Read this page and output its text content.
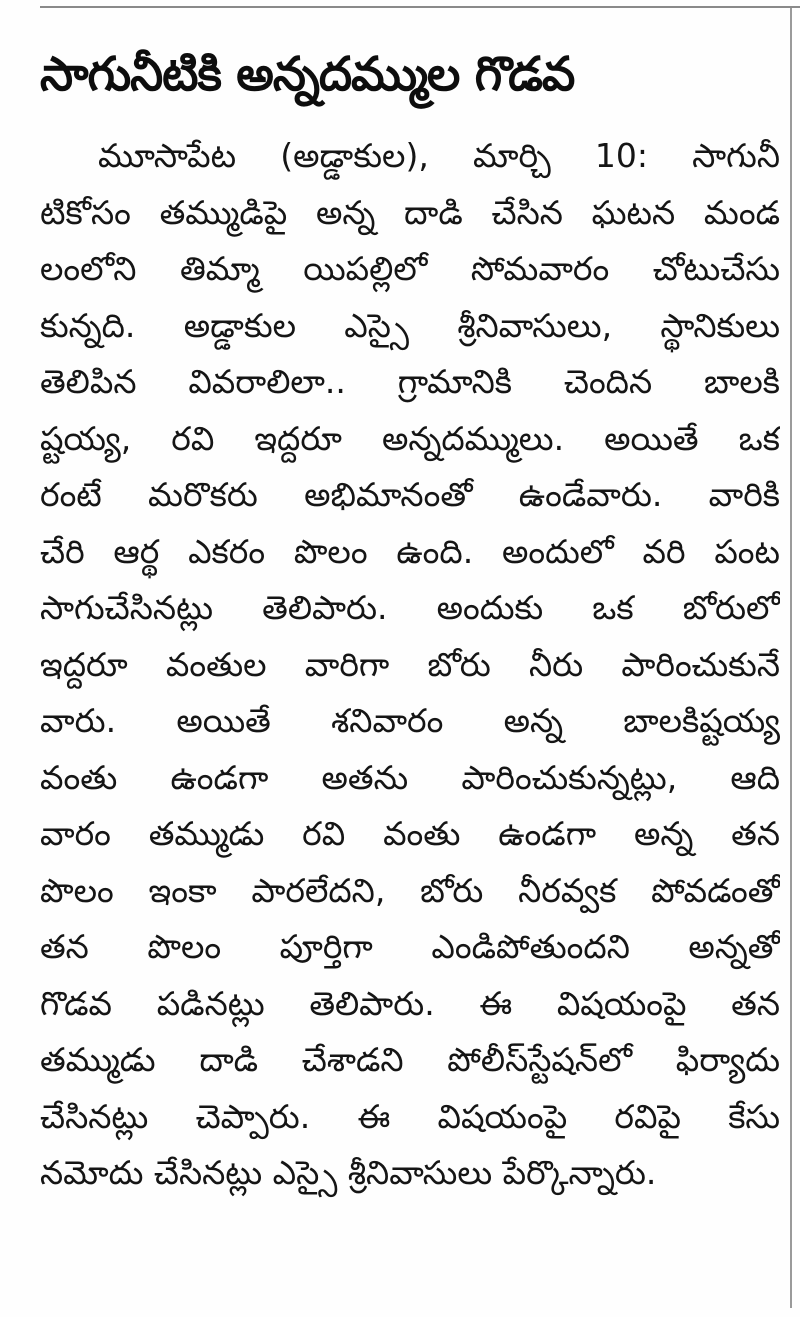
సాగునీటికి అన్నదమ్ముల గొడవ
మూసాపేట (అడ్డాకుల), మార్చి 10: సాగునీ
టికోసం తమ్ముడిపై అన్న దాడి చేసిన ఘటన మండ
లంలోని తిమ్మా యిపల్లిలో సోమవారం చోటుచేసు
కున్నది. అడ్డాకుల ఎస్సై శ్రీనివాసులు, స్థానికులు
తెలిపిన వివరాలిలా.. గ్రామానికి చెందిన బాలకి
ష్టయ్య, రవి ఇద్దరూ అన్నదమ్ములు. అయితే ఒక
రంటే మరొకరు అభిమానంతో ఉండేవారు. వారికి
చేరి ఆర్థ ఎకరం పొలం ఉంది. అందులో వరి పంట
సాగుచేసినట్లు తెలిపారు. అందుకు ఒక బోరులో
ఇద్దరూ వంతుల వారిగా బోరు నీరు పారించుకునే
వారు. అయితే శనివారం అన్న బాలకిష్టయ్య
వంతు ఉండగా అతను పారించుకున్నట్లు, ఆది
వారం తమ్ముడు రవి వంతు ఉండగా అన్న తన
పొలం ఇంకా పారలేదని, బోరు నీరవ్వక పోవడంతో
తన పొలం పూర్తిగా ఎండిపోతుందని అన్నతో
గొడవ పడినట్లు తెలిపారు. ఈ విషయంపై తన
తమ్ముడు దాడి చేశాడని పోలీస్‌స్టేషన్‌లో ఫిర్యాదు
చేసినట్లు చెప్పారు. ఈ విషయంపై రవిపై కేసు
నమోదు చేసినట్లు ఎస్సై శ్రీనివాసులు పేర్కొన్నారు.
